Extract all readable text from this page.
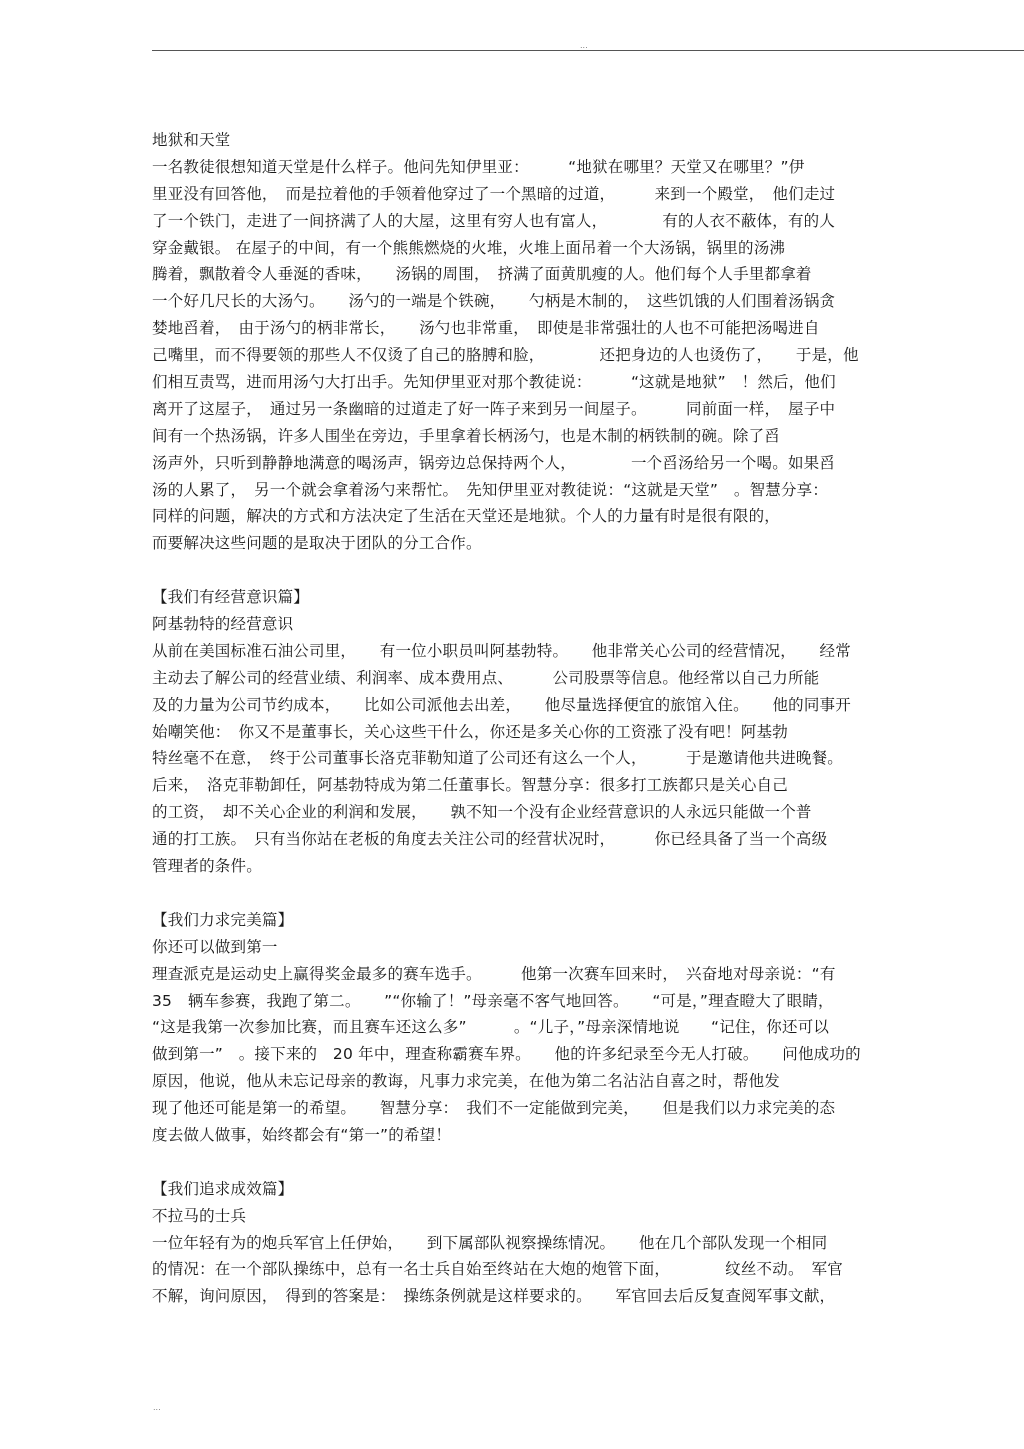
...
地狱和天堂
一名教徒很想知道天堂是什么样子。他问先知伊里亚：　　　“地狱在哪里？天堂又在哪里？”伊
里亚没有回答他，　而是拉着他的手领着他穿过了一个黑暗的过道，　　　来到一个殿堂，　他们走过
了一个铁门，走进了一间挤满了人的大屋，这里有穷人也有富人，　　　　有的人衣不蔽体，有的人
穿金戴银。 在屋子的中间，有一个熊熊燃烧的火堆，火堆上面吊着一个大汤锅，锅里的汤沸
腾着，飘散着令人垂涎的香味，　　汤锅的周围，　挤满了面黄肌瘦的人。他们每个人手里都拿着
一个好几尺长的大汤勺。　　汤勺的一端是个铁碗，　　勺柄是木制的，　这些饥饿的人们围着汤锅贪
婪地舀着，　由于汤勺的柄非常长，　　汤勺也非常重，　即使是非常强壮的人也不可能把汤喝进自
己嘴里，而不得要领的那些人不仅烫了自己的胳膊和脸，　　　　还把身边的人也烫伤了，　　于是，他
们相互责骂，进而用汤勺大打出手。先知伊里亚对那个教徒说：　　　“这就是地狱”　！然后，他们
离开了这屋子，　通过另一条幽暗的过道走了好一阵子来到另一间屋子。　　　同前面一样，　屋子中
间有一个热汤锅，许多人围坐在旁边，手里拿着长柄汤勺，也是木制的柄铁制的碗。除了舀
汤声外，只听到静静地满意的喝汤声，锅旁边总保持两个人，　　　　一个舀汤给另一个喝。如果舀
汤的人累了，　另一个就会拿着汤勺来帮忙。　先知伊里亚对教徒说：“这就是天堂”　。智慧分享：
同样的问题，解决的方式和方法决定了生活在天堂还是地狱。个人的力量有时是很有限的，
而要解决这些问题的是取决于团队的分工合作。
【我们有经营意识篇】
阿基勃特的经营意识
从前在美国标准石油公司里，　　有一位小职员叫阿基勃特。　　他非常关心公司的经营情况，　　经常
主动去了解公司的经营业绩、利润率、成本费用点、　　　公司股票等信息。他经常以自己力所能
及的力量为公司节约成本，　　比如公司派他去出差，　　他尽量选择便宜的旅馆入住。　　他的同事开
始嘲笑他：　你又不是董事长，关心这些干什么，你还是多关心你的工资涨了没有吧！阿基勃
特丝毫不在意，　终于公司董事长洛克菲勒知道了公司还有这么一个人，　　　于是邀请他共进晚餐。
后来，　洛克菲勒卸任，阿基勃特成为第二任董事长。智慧分享：很多打工族都只是关心自己
的工资，　却不关心企业的利润和发展，　　孰不知一个没有企业经营意识的人永远只能做一个普
通的打工族。　只有当你站在老板的角度去关注公司的经营状况时，　　　你已经具备了当一个高级
管理者的条件。
【我们力求完美篇】
你还可以做到第一
理查派克是运动史上赢得奖金最多的赛车选手。　　　他第一次赛车回来时，　兴奋地对母亲说：“有
35　辆车参赛，我跑了第二。　　”“你输了！”母亲毫不客气地回答。　　“可是，”理查瞪大了眼睛，
“这是我第一次参加比赛，而且赛车还这么多”　　　。“儿子，”母亲深情地说　　“记住，你还可以
做到第一”　。接下来的　20 年中，理查称霸赛车界。　　他的许多纪录至今无人打破。　　问他成功的
原因，他说，他从未忘记母亲的教诲，凡事力求完美，在他为第二名沾沾自喜之时，帮他发
现了他还可能是第一的希望。　　智慧分享：　我们不一定能做到完美，　　但是我们以力求完美的态
度去做人做事，始终都会有“第一”的希望！
【我们追求成效篇】
不拉马的士兵
一位年轻有为的炮兵军官上任伊始，　　到下属部队视察操练情况。　　他在几个部队发现一个相同
的情况：在一个部队操练中，总有一名士兵自始至终站在大炮的炮管下面，　　　　纹丝不动。　军官
不解，询问原因，　得到的答案是：　操练条例就是这样要求的。　　军官回去后反复查阅军事文献，
...
